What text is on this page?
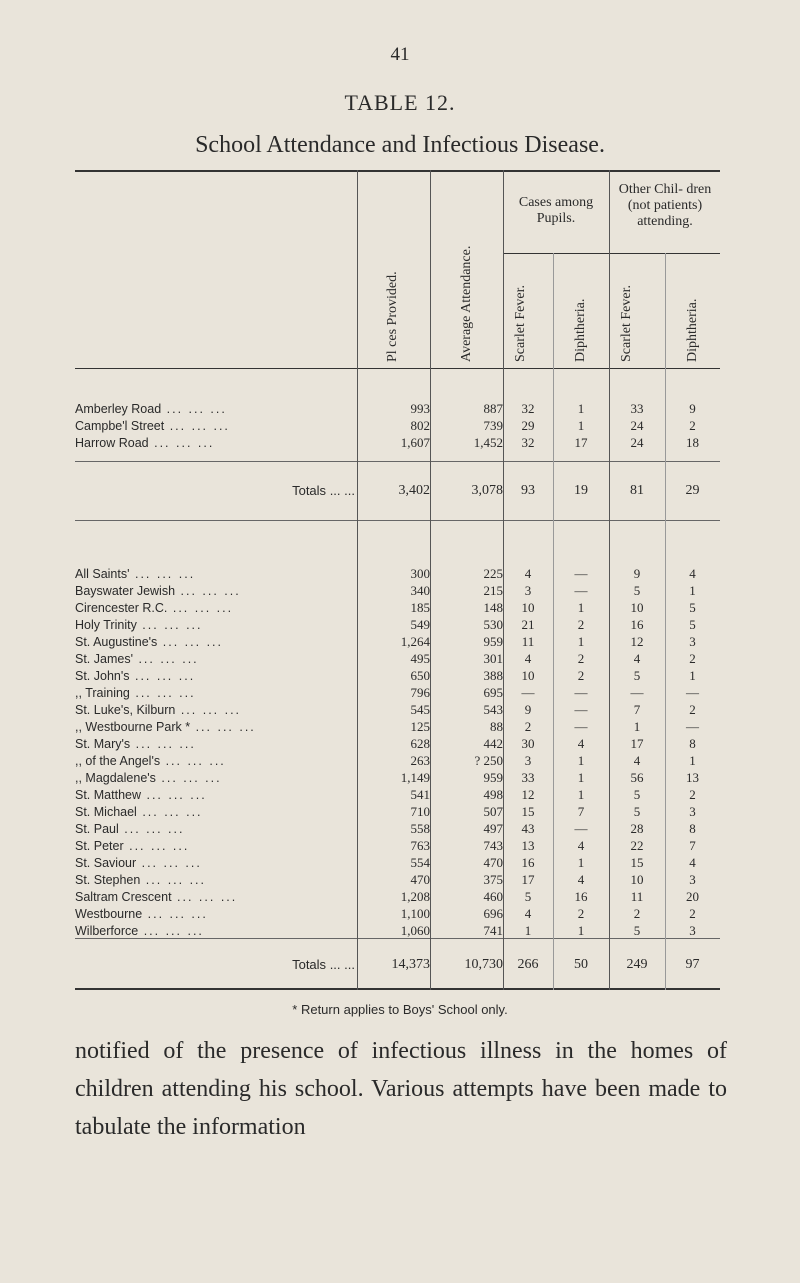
41
TABLE 12.
School Attendance and Infectious Disease.
Pl ces Provided.	Average Attendance.
Cases among Pupils.
Other Chil- dren (not patients) attending.
Scarlet Fever.	Diphtheria. Scarlet Fever.	Diphtheria.
Amberley Road ... ... ...	993	887	32	1	33	9
Campbe'l Street ... ... ...	802	739	29	1	24	2
Harrow Road ... ... ...	1,607	1,452	32	17	24	18
Totals ... ...	3,402	3,078	93	19	81	29
All Saints' ... ... ...	300	225	4	—	9	4
Bayswater Jewish ... ... ...	340	215	3	—	5	1
Cirencester R.C. ... ... ...	185	148	10	1	10	5
Holy Trinity ... ... ...	549	530	21	2	16	5
St. Augustine's ... ... ...	1,264	959	11	1	12	3
St. James' ... ... ...	495	301	4	2	4	2
St. John's ... ... ...	650	388	10	2	5	1
,, Training ... ... ...	796	695	—	—	—	—
St. Luke's, Kilburn ... ... ...	545	543	9	—	7	2
,, Westbourne Park * ... ... ...	125	88	2	—	1	—
St. Mary's ... ... ...	628	442	30	4	17	8
,, of the Angel's ... ... ...	263	? 250	3	1	4	1
,, Magdalene's ... ... ...	1,149	959	33	1	56	13
St. Matthew ... ... ...	541	498	12	1	5	2
St. Michael ... ... ...	710	507	15	7	5	3
St. Paul ... ... ...	558	497	43	—	28	8
St. Peter ... ... ...	763	743	13	4	22	7
St. Saviour ... ... ...	554	470	16	1	15	4
St. Stephen ... ... ...	470	375	17	4	10	3
Saltram Crescent ... ... ...	1,208	460	5	16	11	20
Westbourne ... ... ...	1,100	696	4	2	2	2
Wilberforce ... ... ...	1,060	741	1	1	5	3
Totals ... ...	14,373	10,730	266	50	249	97
* Return applies to Boys' School only.
notified of the presence of infectious illness in the homes of children attending his school. Various attempts have been made to tabulate the information
